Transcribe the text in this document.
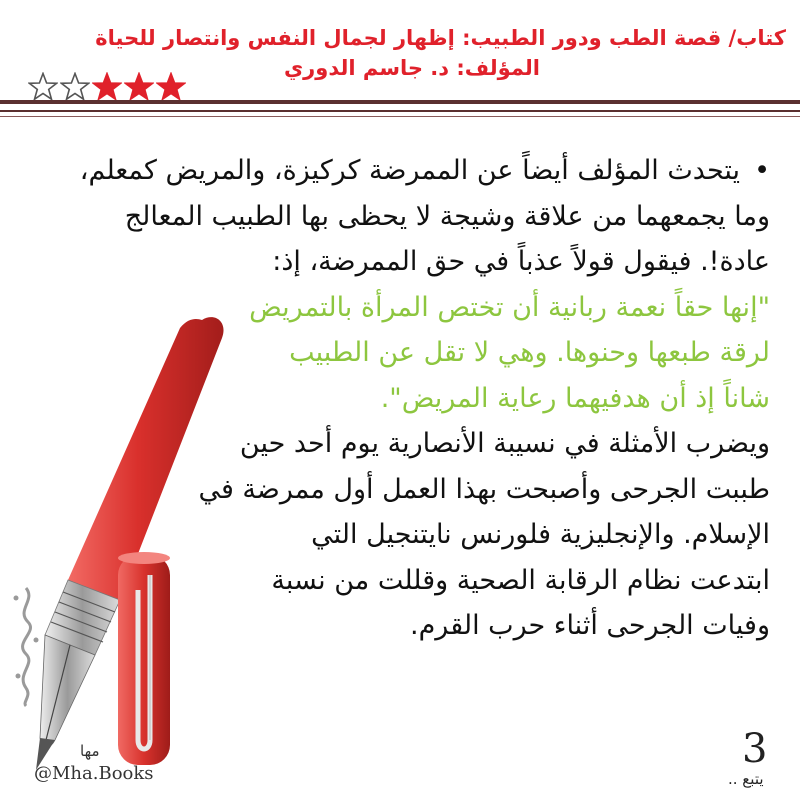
كتاب/ قصة الطب ودور الطبيب: إظهار لجمال النفس وانتصار للحياة
المؤلف: د. جاسم الدوري
•يتحدث المؤلف أيضاً عن الممرضة كركيزة، والمريض كمعلم،
وما يجمعهما من علاقة وشيجة لا يحظى بها الطبيب المعالج
عادة!. فيقول قولاً عذباً في حق الممرضة، إذ:
"إنها حقاً نعمة ربانية أن تختص المرأة بالتمريض
لرقة طبعها وحنوها. وهي لا تقل عن الطبيب
شاناً إذ أن هدفيهما رعاية المريض".
ويضرب الأمثلة في نسيبة الأنصارية يوم أحد حين
طببت الجرحى وأصبحت بهذا العمل أول ممرضة في
الإسلام. والإنجليزية فلورنس نايتنجيل التي
ابتدعت نظام الرقابة الصحية وقللت من نسبة
وفيات الجرحى أثناء حرب القرم.
مها
@Mha.Books
3
يتبع ..
